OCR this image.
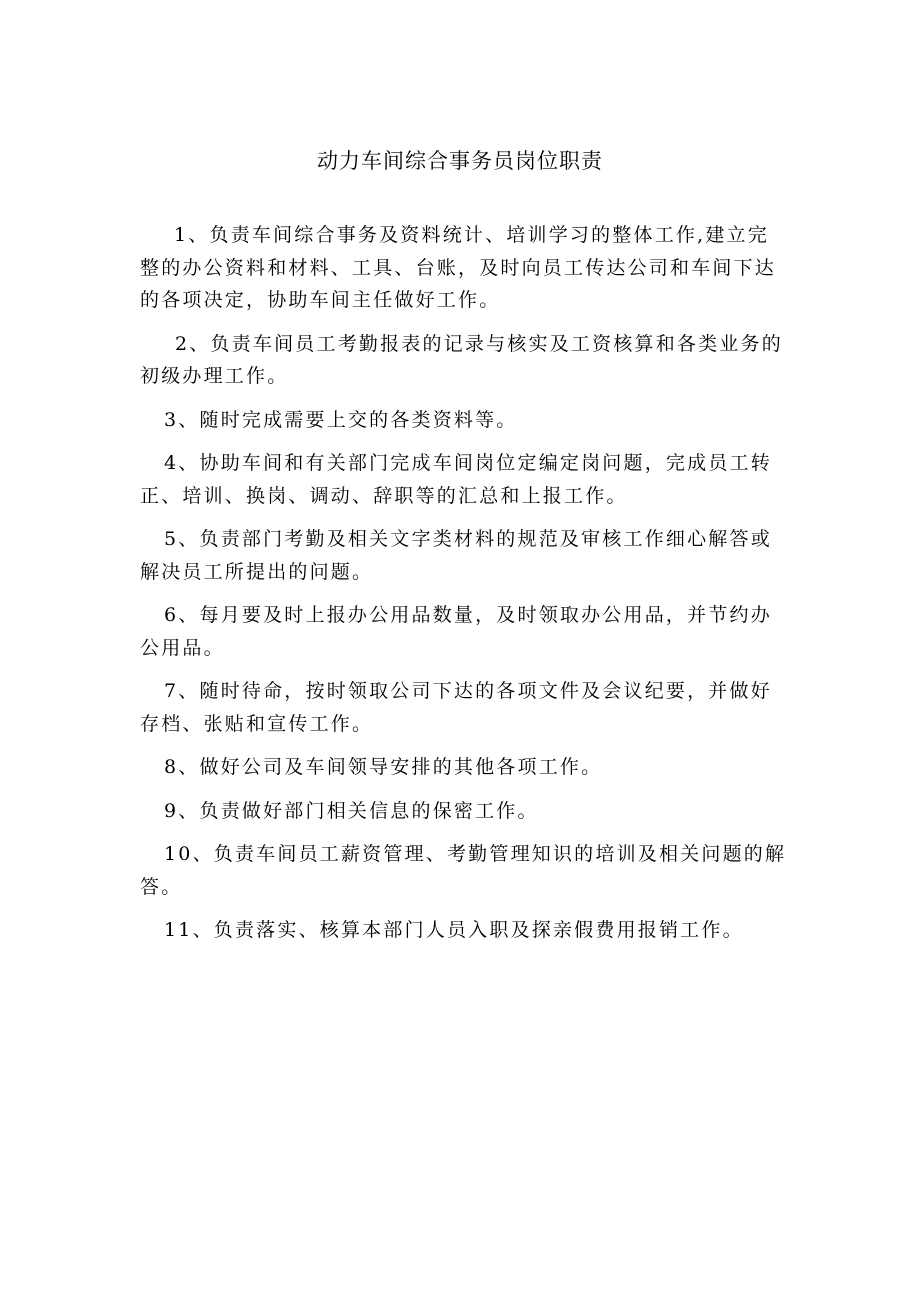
动力车间综合事务员岗位职责

1、负责车间综合事务及资料统计、培训学习的整体工作,建立完整的办公资料和材料、工具、台账，及时向员工传达公司和车间下达的各项决定，协助车间主任做好工作。

2、负责车间员工考勤报表的记录与核实及工资核算和各类业务的初级办理工作。

3、随时完成需要上交的各类资料等。

4、协助车间和有关部门完成车间岗位定编定岗问题，完成员工转正、培训、换岗、调动、辞职等的汇总和上报工作。

5、负责部门考勤及相关文字类材料的规范及审核工作细心解答或解决员工所提出的问题。

6、每月要及时上报办公用品数量，及时领取办公用品，并节约办公用品。

7、随时待命，按时领取公司下达的各项文件及会议纪要，并做好存档、张贴和宣传工作。

8、做好公司及车间领导安排的其他各项工作。

9、负责做好部门相关信息的保密工作。

10、负责车间员工薪资管理、考勤管理知识的培训及相关问题的解答。

11、负责落实、核算本部门人员入职及探亲假费用报销工作。
